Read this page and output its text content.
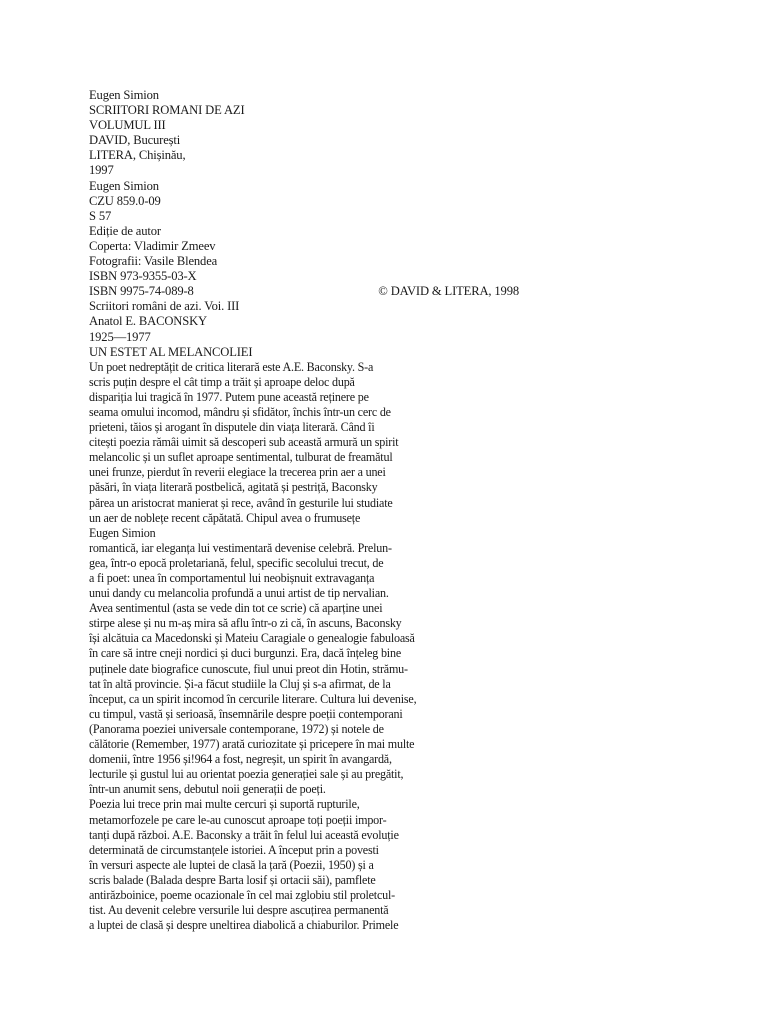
Eugen Simion
SCRIITORI ROMANI DE AZI
VOLUMUL III
DAVID, București
LITERA, Chișinău,
1997
Eugen Simion
CZU 859.0-09
S 57
Ediție de autor
Coperta: Vladimir Zmeev
Fotografii: Vasile Blendea
ISBN 973-9355-03-X
ISBN 9975-74-089-8	© DAVID & LITERA, 1998
Scriitori români de azi. Voi. III
Anatol E. BACONSKY
1925—1977
UN ESTET AL MELANCOLIEI
Un poet nedreptățit de critica literară este A.E. Baconsky. S-a
scris puțin despre el cât timp a trăit și aproape deloc după
dispariția lui tragică în 1977. Putem pune această reținere pe
seama omului incomod, mândru și sfidător, închis într-un cerc de
prieteni, tăios și arogant în disputele din viața literară. Când îi
citești poezia rămâi uimit să descoperi sub această armură un spirit
melancolic și un suflet aproape sentimental, tulburat de freamătul
unei frunze, pierdut în reverii elegiace la trecerea prin aer a unei
păsări, în viața literară postbelică, agitată și pestriță, Baconsky
părea un aristocrat manierat și rece, având în gesturile lui studiate
un aer de noblețe recent căpătată. Chipul avea o frumusețe
Eugen Simion
romantică, iar eleganța lui vestimentară devenise celebră. Prelun-
gea, într-o epocă proletariană, felul, specific secolului trecut, de
a fi poet: unea în comportamentul lui neobișnuit extravaganța
unui dandy cu melancolia profundă a unui artist de tip nervalian.
Avea sentimentul (asta se vede din tot ce scrie) că aparține unei
stirpe alese și nu m-aș mira să aflu într-o zi că, în ascuns, Baconsky
își alcătuia ca Macedonski și Mateiu Caragiale o genealogie fabuloasă
în care să intre cneji nordici și duci burgunzi. Era, dacă înțeleg bine
puținele date biografice cunoscute, fiul unui preot din Hotin, strămu-
tat în altă provincie. Și-a făcut studiile la Cluj și s-a afirmat, de la
început, ca un spirit incomod în cercurile literare. Cultura lui devenise,
cu timpul, vastă și serioasă, însemnările despre poeții contemporani
(Panorama poeziei universale contemporane, 1972) și notele de
călătorie (Remember, 1977) arată curiozitate și pricepere în mai multe
domenii, între 1956 și!964 a fost, negreșit, un spirit în avangardă,
lecturile și gustul lui au orientat poezia generației sale și au pregătit,
într-un anumit sens, debutul noii generații de poeți.
Poezia lui trece prin mai multe cercuri și suportă rupturile,
metamorfozele pe care le-au cunoscut aproape toți poeții impor-
tanți după război. A.E. Baconsky a trăit în felul lui această evoluție
determinată de circumstanțele istoriei. A început prin a povesti
în versuri aspecte ale luptei de clasă la țară (Poezii, 1950) și a
scris balade (Balada despre Barta losif și ortacii săi), pamflete
antirăzboinice, poeme ocazionale în cel mai zglobiu stil proletcul-
tist. Au devenit celebre versurile lui despre ascuțirea permanentă
a luptei de clasă și despre uneltirea diabolică a chiaburilor. Primele
